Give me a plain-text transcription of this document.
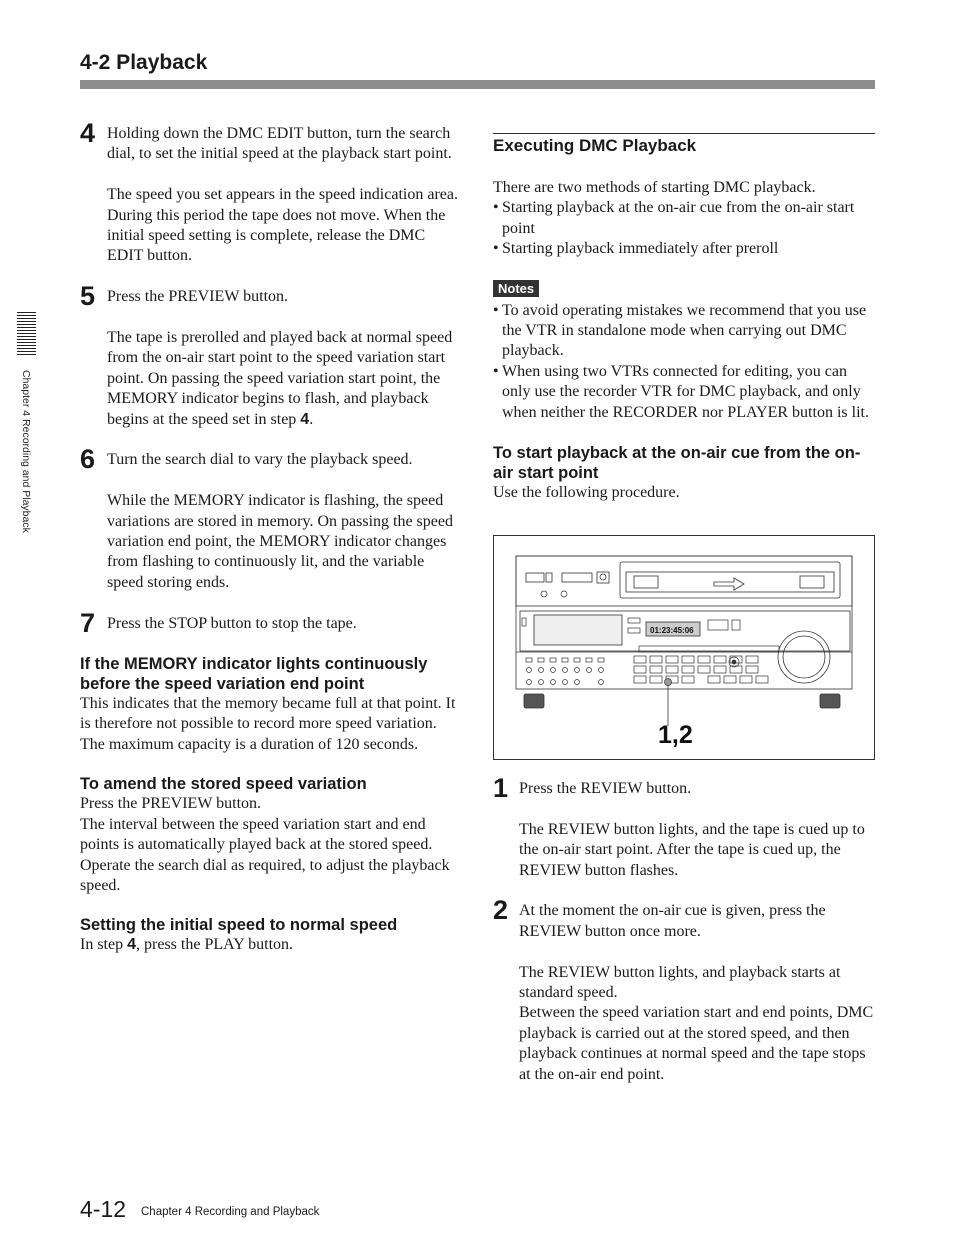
4-2 Playback
Chapter 4 Recording and Playback
4 Holding down the DMC EDIT button, turn the search dial, to set the initial speed at the playback start point.

The speed you set appears in the speed indication area. During this period the tape does not move. When the initial speed setting is complete, release the DMC EDIT button.

5 Press the PREVIEW button.

The tape is prerolled and played back at normal speed from the on-air start point to the speed variation start point. On passing the speed variation start point, the MEMORY indicator begins to flash, and playback begins at the speed set in step 4.

6 Turn the search dial to vary the playback speed.

While the MEMORY indicator is flashing, the speed variations are stored in memory. On passing the speed variation end point, the MEMORY indicator changes from flashing to continuously lit, and the variable speed storing ends.

7 Press the STOP button to stop the tape.

If the MEMORY indicator lights continuously before the speed variation end point

This indicates that the memory became full at that point. It is therefore not possible to record more speed variation. The maximum capacity is a duration of 120 seconds.

To amend the stored speed variation

Press the PREVIEW button.

The interval between the speed variation start and end points is automatically played back at the stored speed. Operate the search dial as required, to adjust the playback speed.

Setting the initial speed to normal speed

In step 4, press the PLAY button.

Executing DMC Playback

There are two methods of starting DMC playback.

• Starting playback at the on-air cue from the on-air start point

• Starting playback immediately after preroll

Notes

• To avoid operating mistakes we recommend that you use the VTR in standalone mode when carrying out DMC playback.

• When using two VTRs connected for editing, you can only use the recorder VTR for DMC playback, and only when neither the RECORDER nor PLAYER button is lit.

To start playback at the on-air cue from the on-air start point

Use the following procedure.

01:23:45:06
1,2
1 Press the REVIEW button.

The REVIEW button lights, and the tape is cued up to the on-air start point. After the tape is cued up, the REVIEW button flashes.

2 At the moment the on-air cue is given, press the REVIEW button once more.

The REVIEW button lights, and playback starts at standard speed.

Between the speed variation start and end points, DMC playback is carried out at the stored speed, and then playback continues at normal speed and the tape stops at the on-air end point.

4-12 Chapter 4 Recording and Playback
